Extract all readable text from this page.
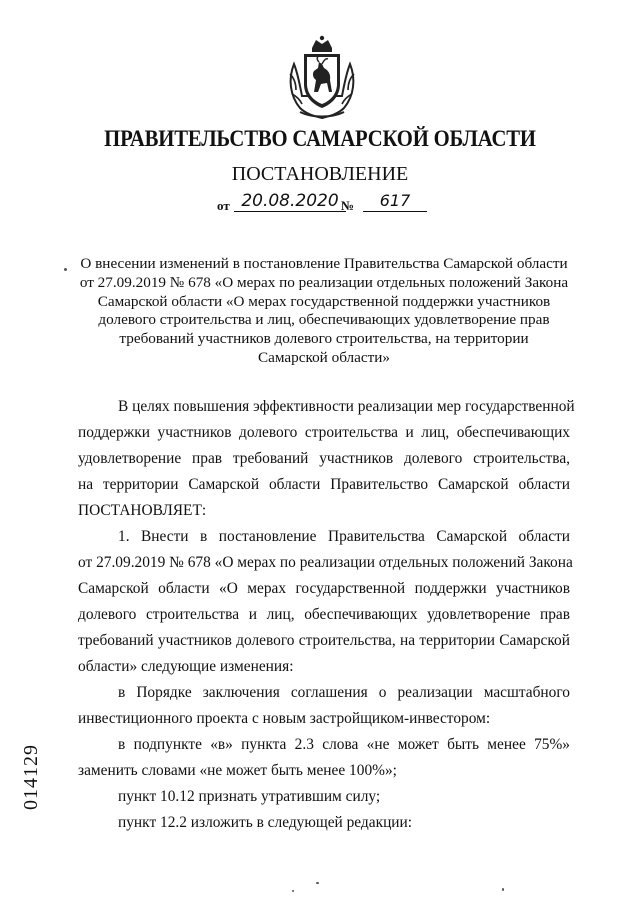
ПРАВИТЕЛЬСТВО САМАРСКОЙ ОБЛАСТИ
ПОСТАНОВЛЕНИЕ
от 20.08.2020 №	617
О внесении изменений в постановление Правительства Самарской области
от 27.09.2019 № 678 «О мерах по реализации отдельных положений Закона
Самарской области «О мерах государственной поддержки участников
долевого строительства и лиц, обеспечивающих удовлетворение прав
требований участников долевого строительства, на территории
Самарской области»
В целях повышения эффективности реализации мер государственной
поддержки участников долевого строительства и лиц, обеспечивающих
удовлетворение прав требований участников долевого строительства,
на территории Самарской области Правительство Самарской области
ПОСТАНОВЛЯЕТ:
1. Внести в постановление Правительства Самарской области
от 27.09.2019 № 678 «О мерах по реализации отдельных положений Закона
Самарской области «О мерах государственной поддержки участников
долевого строительства и лиц, обеспечивающих удовлетворение прав
требований участников долевого строительства, на территории Самарской
области» следующие изменения:
в Порядке заключения соглашения о реализации масштабного
инвестиционного проекта с новым застройщиком-инвестором:
в подпункте «в» пункта 2.3 слова «не может быть менее 75%»
заменить словами «не может быть менее 100%»;
пункт 10.12 признать утратившим силу;
пункт 12.2 изложить в следующей редакции:
014129
